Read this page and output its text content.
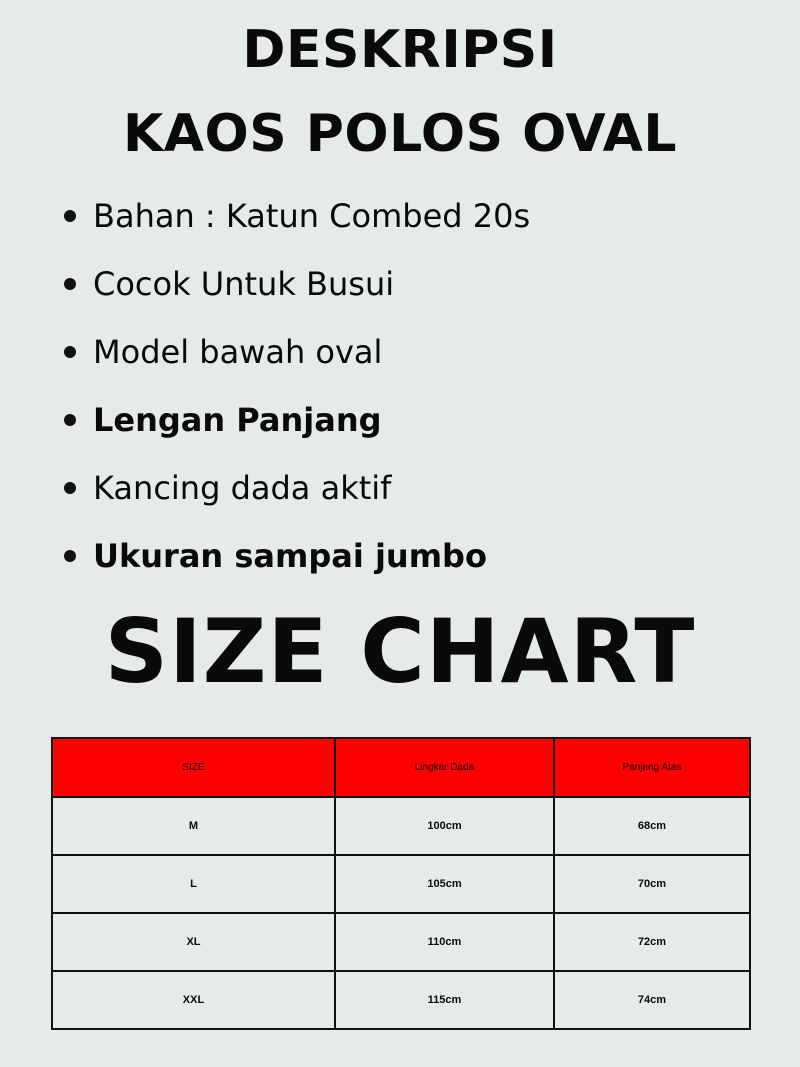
DESKRIPSI
KAOS POLOS OVAL
Bahan : Katun Combed 20s
Cocok Untuk Busui
Model bawah oval
Lengan Panjang
Kancing dada aktif
Ukuran sampai jumbo
SIZE CHART
SIZE	Lingkar Dada	Panjang Atas
M	100cm	68cm
L	105cm	70cm
XL	110cm	72cm
XXL	115cm	74cm
